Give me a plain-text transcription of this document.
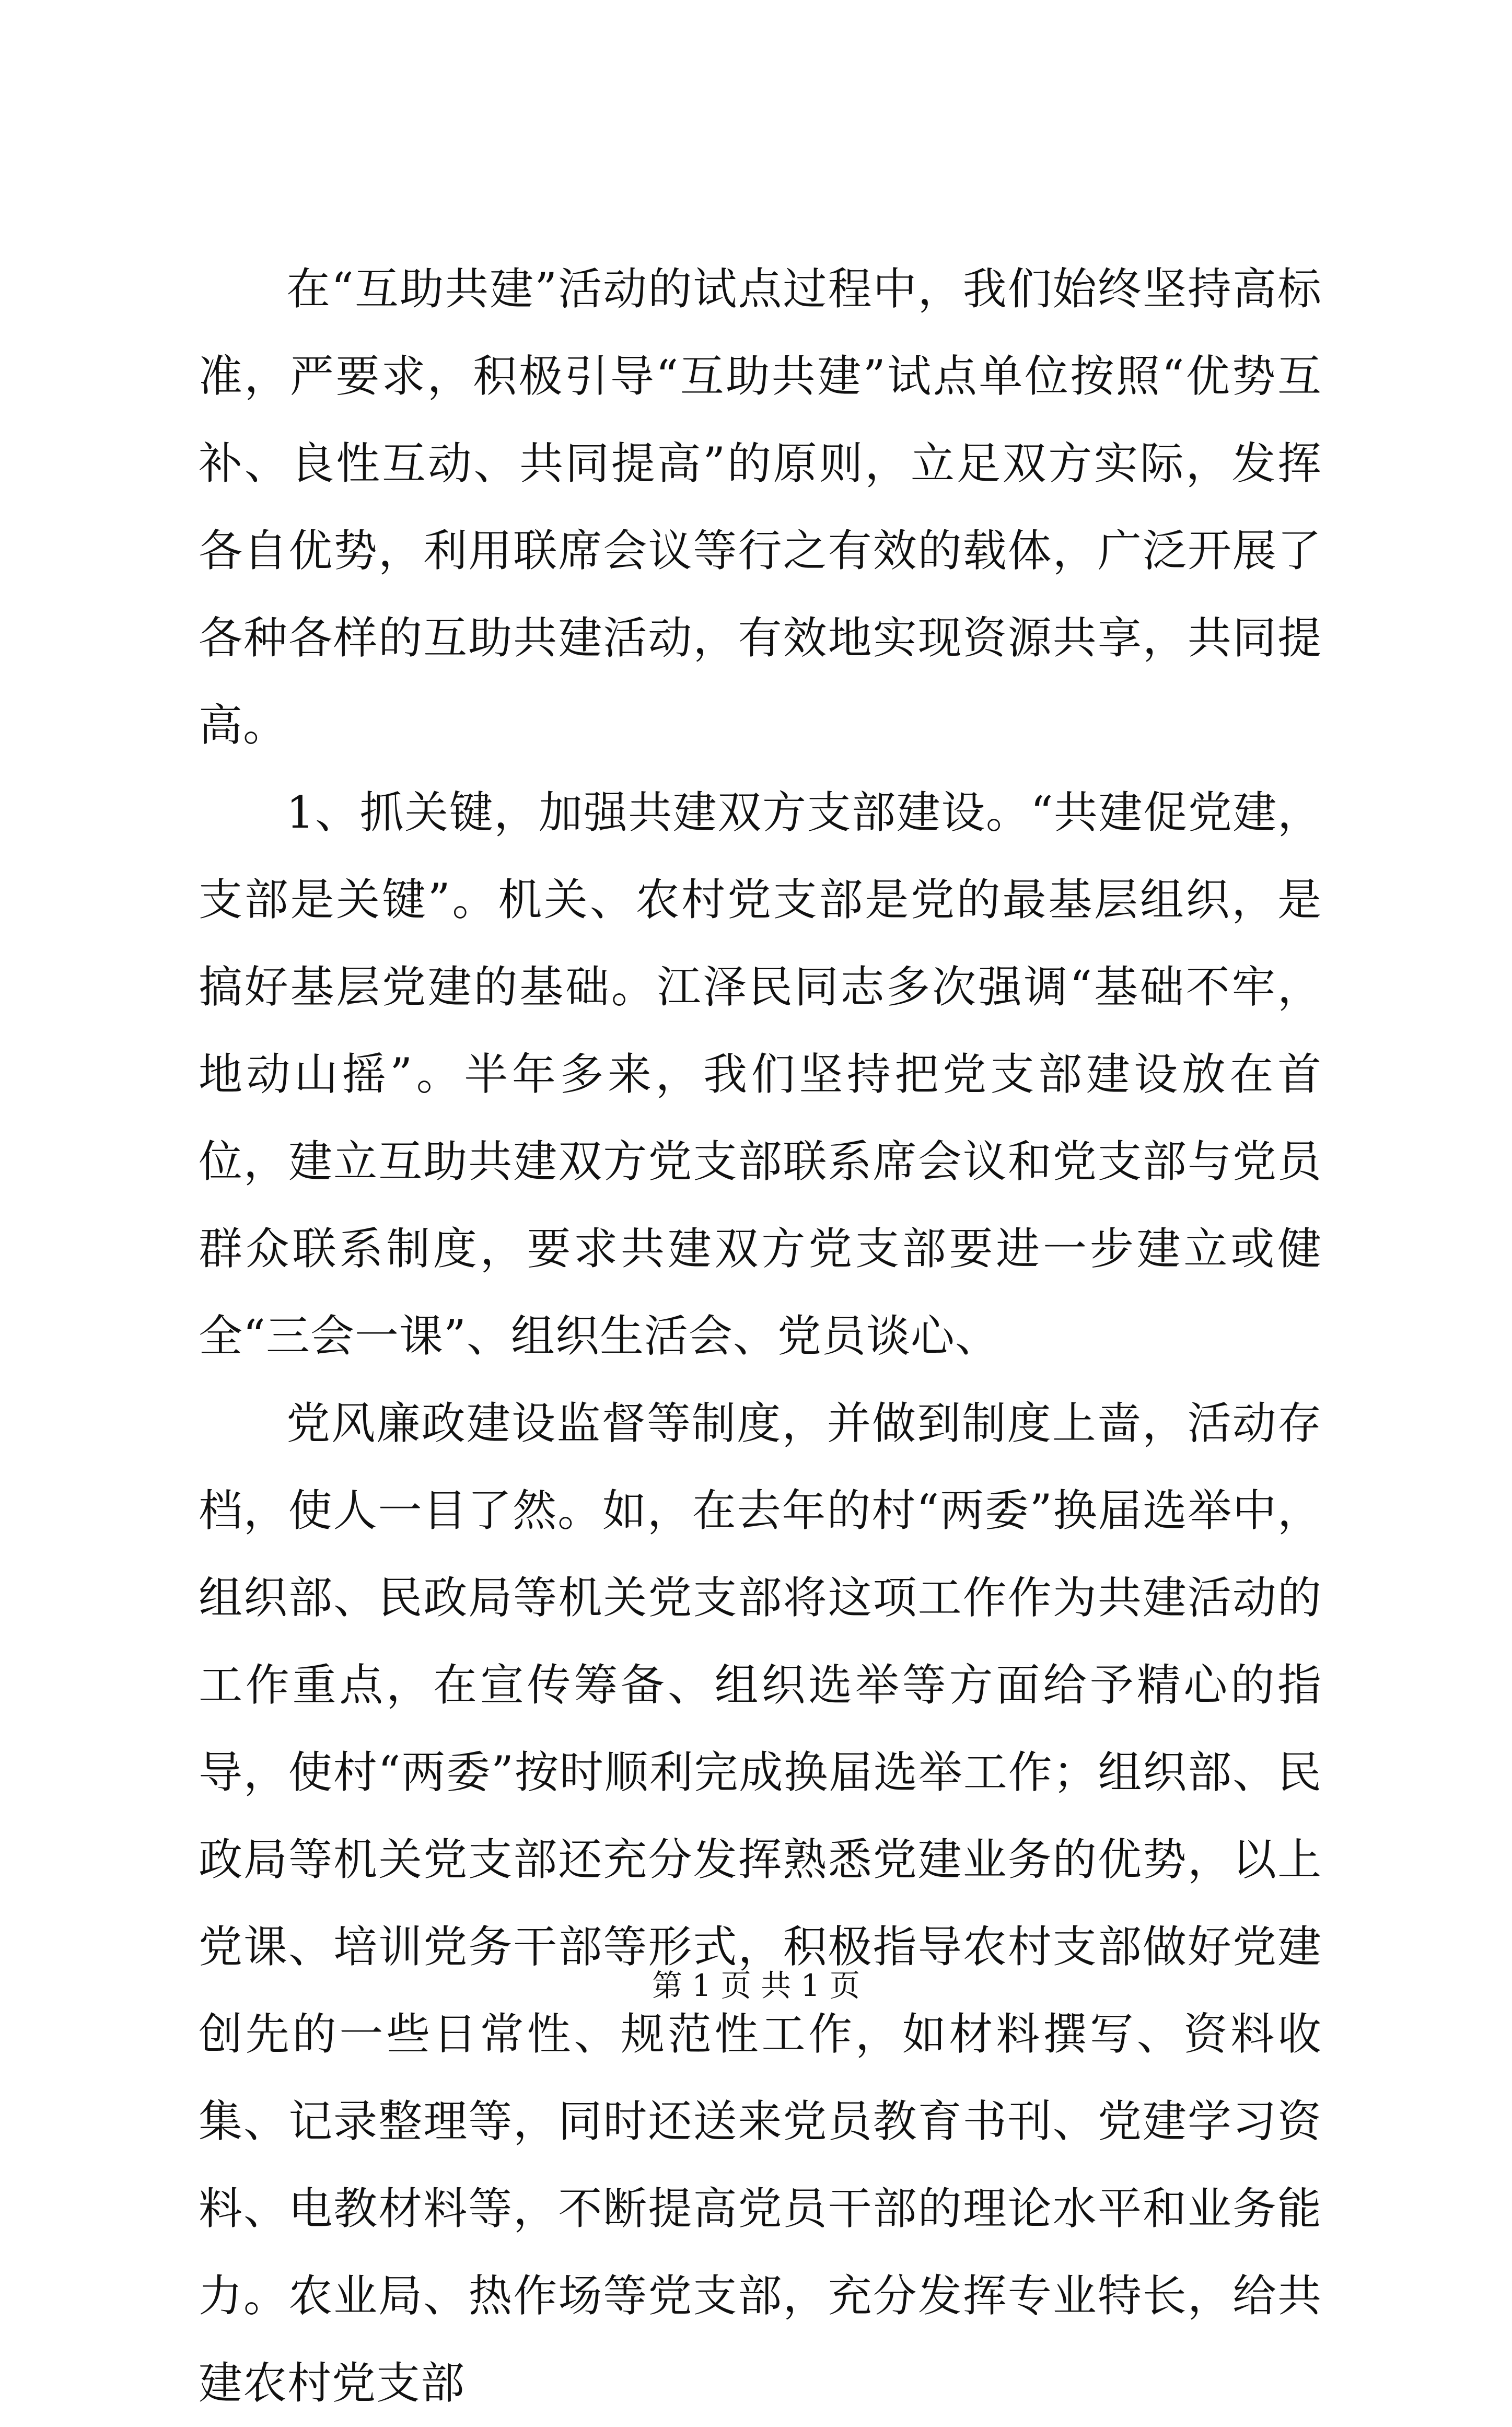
在“互助共建”活动的试点过程中，我们始终坚持高标准，严要求，积极引导“互助共建”试点单位按照“优势互补、良性互动、共同提高”的原则，立足双方实际，发挥各自优势，利用联席会议等行之有效的载体，广泛开展了各种各样的互助共建活动，有效地实现资源共享，共同提高。

1、抓关键，加强共建双方支部建设。“共建促党建，支部是关键”。机关、农村党支部是党的最基层组织，是搞好基层党建的基础。江泽民同志多次强调“基础不牢，地动山摇”。半年多来，我们坚持把党支部建设放在首位，建立互助共建双方党支部联系席会议和党支部与党员群众联系制度，要求共建双方党支部要进一步建立或健全“三会一课”、组织生活会、党员谈心、

党风廉政建设监督等制度，并做到制度上啬，活动存档，使人一目了然。如，在去年的村“两委”换届选举中，组织部、民政局等机关党支部将这项工作作为共建活动的工作重点，在宣传筹备、组织选举等方面给予精心的指导，使村“两委”按时顺利完成换届选举工作；组织部、民政局等机关党支部还充分发挥熟悉党建业务的优势，以上党课、培训党务干部等形式，积极指导农村支部做好党建创先的一些日常性、规范性工作，如材料撰写、资料收集、记录整理等，同时还送来党员教育书刊、党建学习资料、电教材料等，不断提高党员干部的理论水平和业务能力。农业局、热作场等党支部，充分发挥专业特长，给共建农村党支部

第 1 页 共 1 页
